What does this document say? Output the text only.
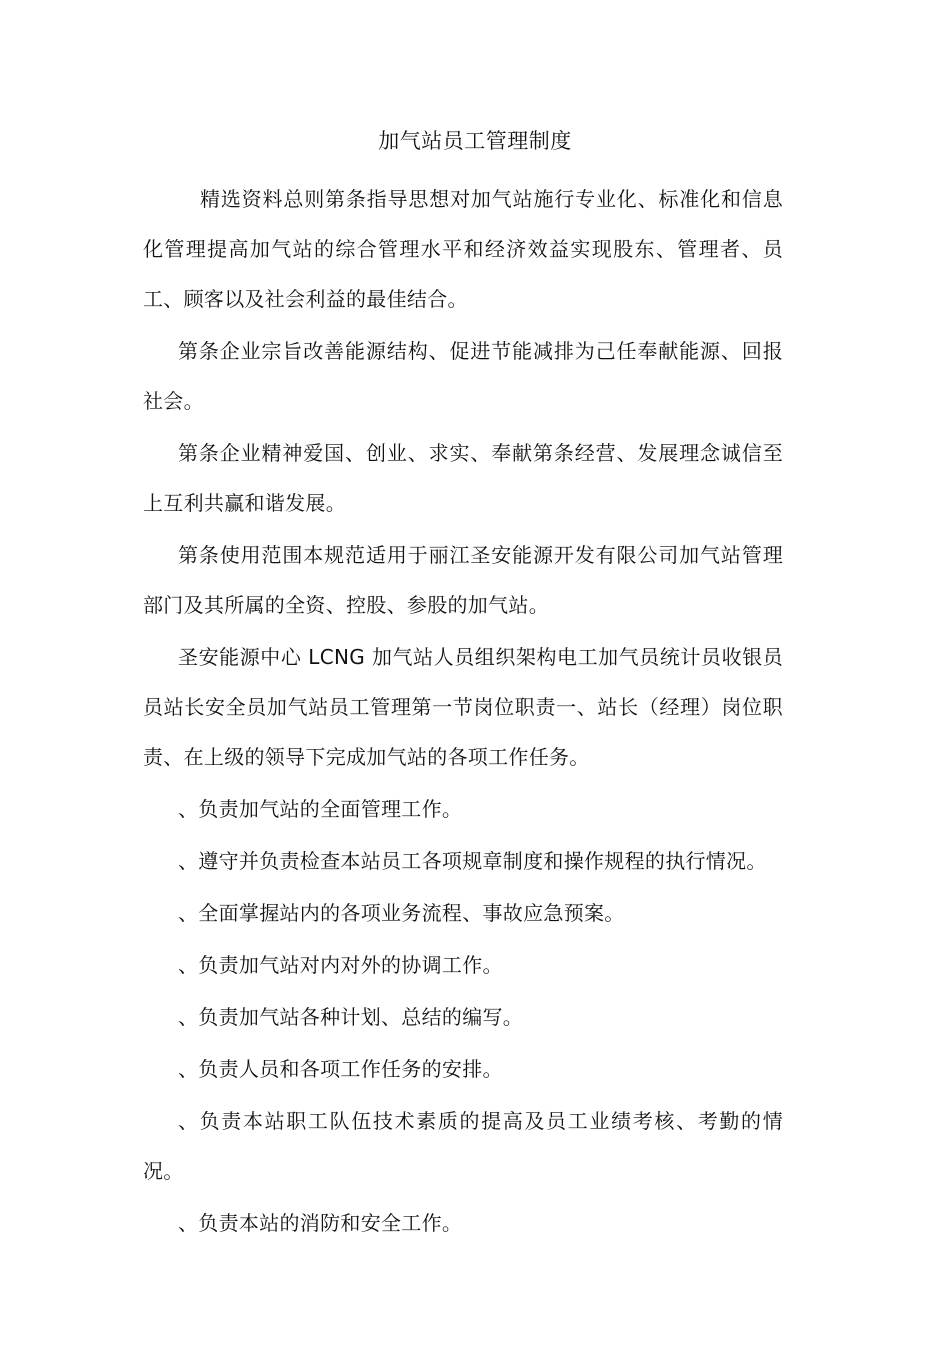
加气站员工管理制度

精选资料总则第条指导思想对加气站施行专业化、标准化和信息化管理提高加气站的综合管理水平和经济效益实现股东、管理者、员工、顾客以及社会利益的最佳结合。

第条企业宗旨改善能源结构、促进节能减排为己任奉献能源、回报社会。

第条企业精神爱国、创业、求实、奉献第条经营、发展理念诚信至上互利共赢和谐发展。

第条使用范围本规范适用于丽江圣安能源开发有限公司加气站管理部门及其所属的全资、控股、参股的加气站。

圣安能源中心 LCNG 加气站人员组织架构电工加气员统计员收银员员站长安全员加气站员工管理第一节岗位职责一、站长（经理）岗位职责、在上级的领导下完成加气站的各项工作任务。

、负责加气站的全面管理工作。

、遵守并负责检查本站员工各项规章制度和操作规程的执行情况。

、全面掌握站内的各项业务流程、事故应急预案。

、负责加气站对内对外的协调工作。

、负责加气站各种计划、总结的编写。

、负责人员和各项工作任务的安排。

、负责本站职工队伍技术素质的提高及员工业绩考核、考勤的情况。

、负责本站的消防和安全工作。
